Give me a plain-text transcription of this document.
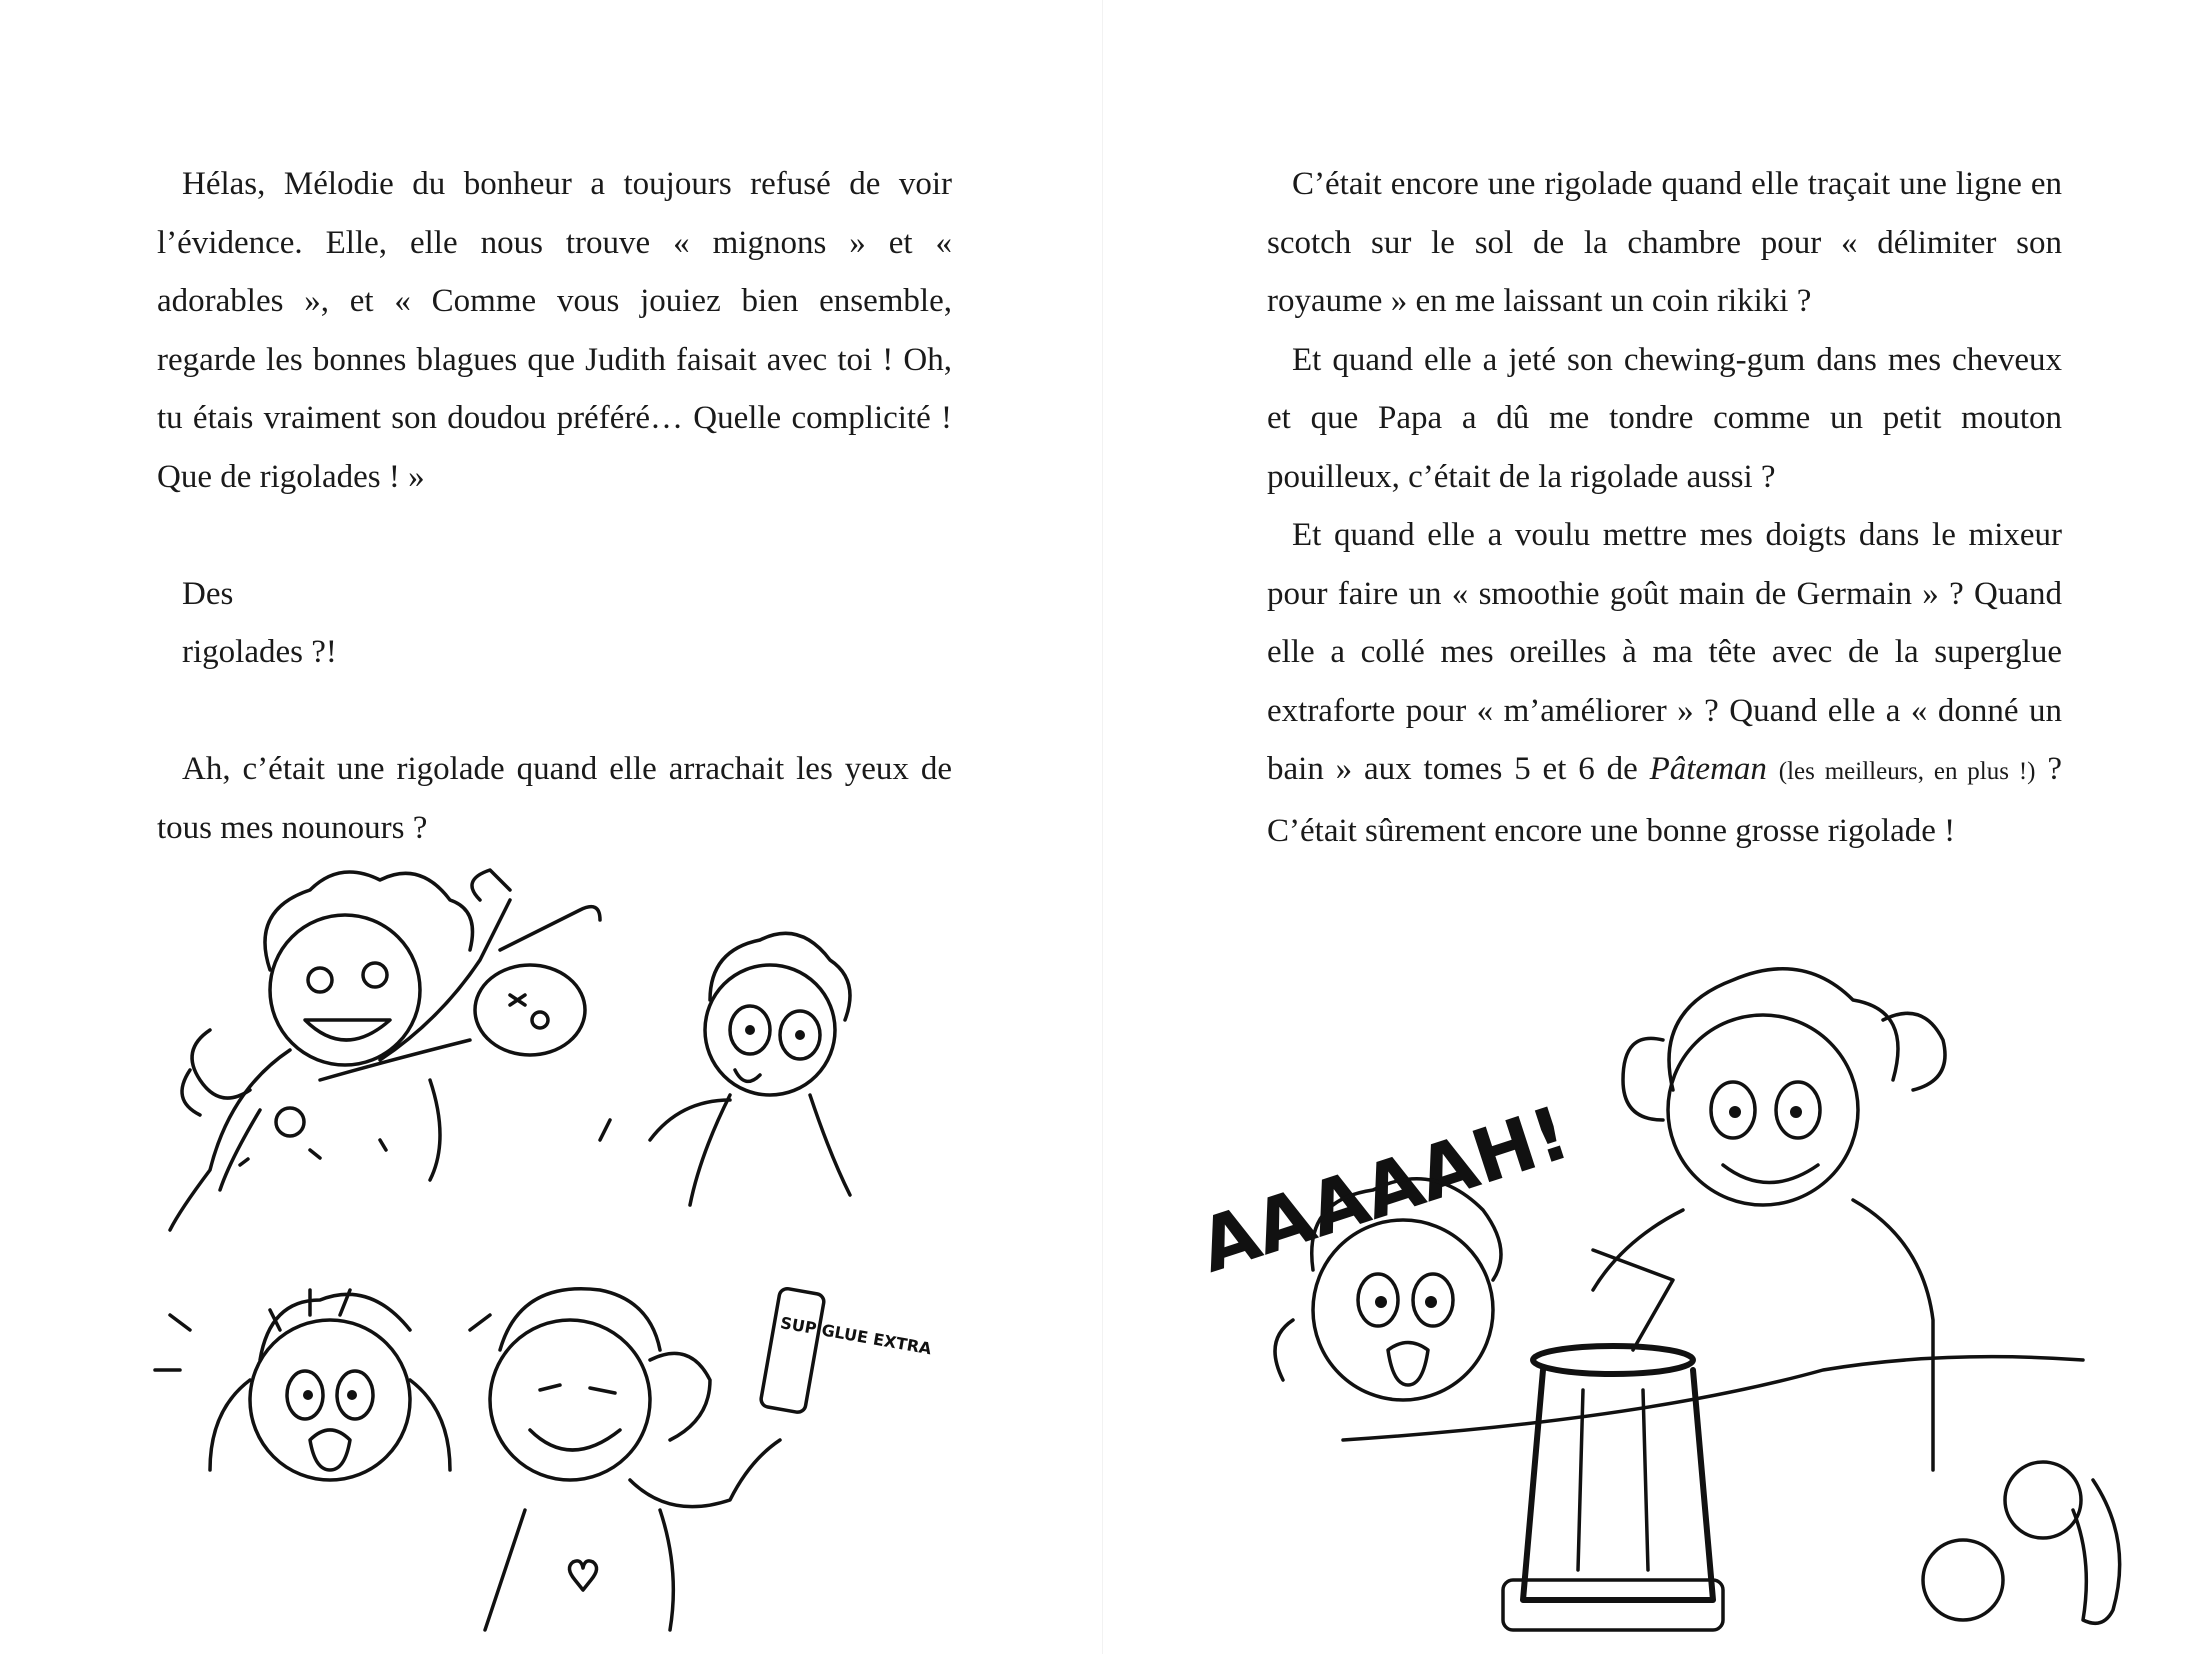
Hélas, Mélodie du bonheur a toujours refusé de voir l’évidence. Elle, elle nous trouve « mignons » et « adorables », et « Comme vous jouiez bien ensemble, regarde les bonnes blagues que Judith faisait avec toi ! Oh, tu étais vraiment son doudou préféré… Quelle complicité ! Que de rigolades ! »

Des

rigolades ?!

Ah, c’était une rigolade quand elle arrachait les yeux de tous mes nounours ?

SUP GLUE EXTRA

C’était encore une rigolade quand elle traçait une ligne en scotch sur le sol de la chambre pour « délimiter son royaume » en me laissant un coin rikiki ?

Et quand elle a jeté son chewing-gum dans mes cheveux et que Papa a dû me tondre comme un petit mouton pouilleux, c’était de la rigolade aussi ?

Et quand elle a voulu mettre mes doigts dans le mixeur pour faire un « smoothie goût main de Germain » ? Quand elle a collé mes oreilles à ma tête avec de la superglue extraforte pour « m’améliorer » ? Quand elle a « donné un bain » aux tomes 5 et 6 de Pâteman (les meilleurs, en plus !) ? C’était sûrement encore une bonne grosse rigolade !

AAAAAH!
